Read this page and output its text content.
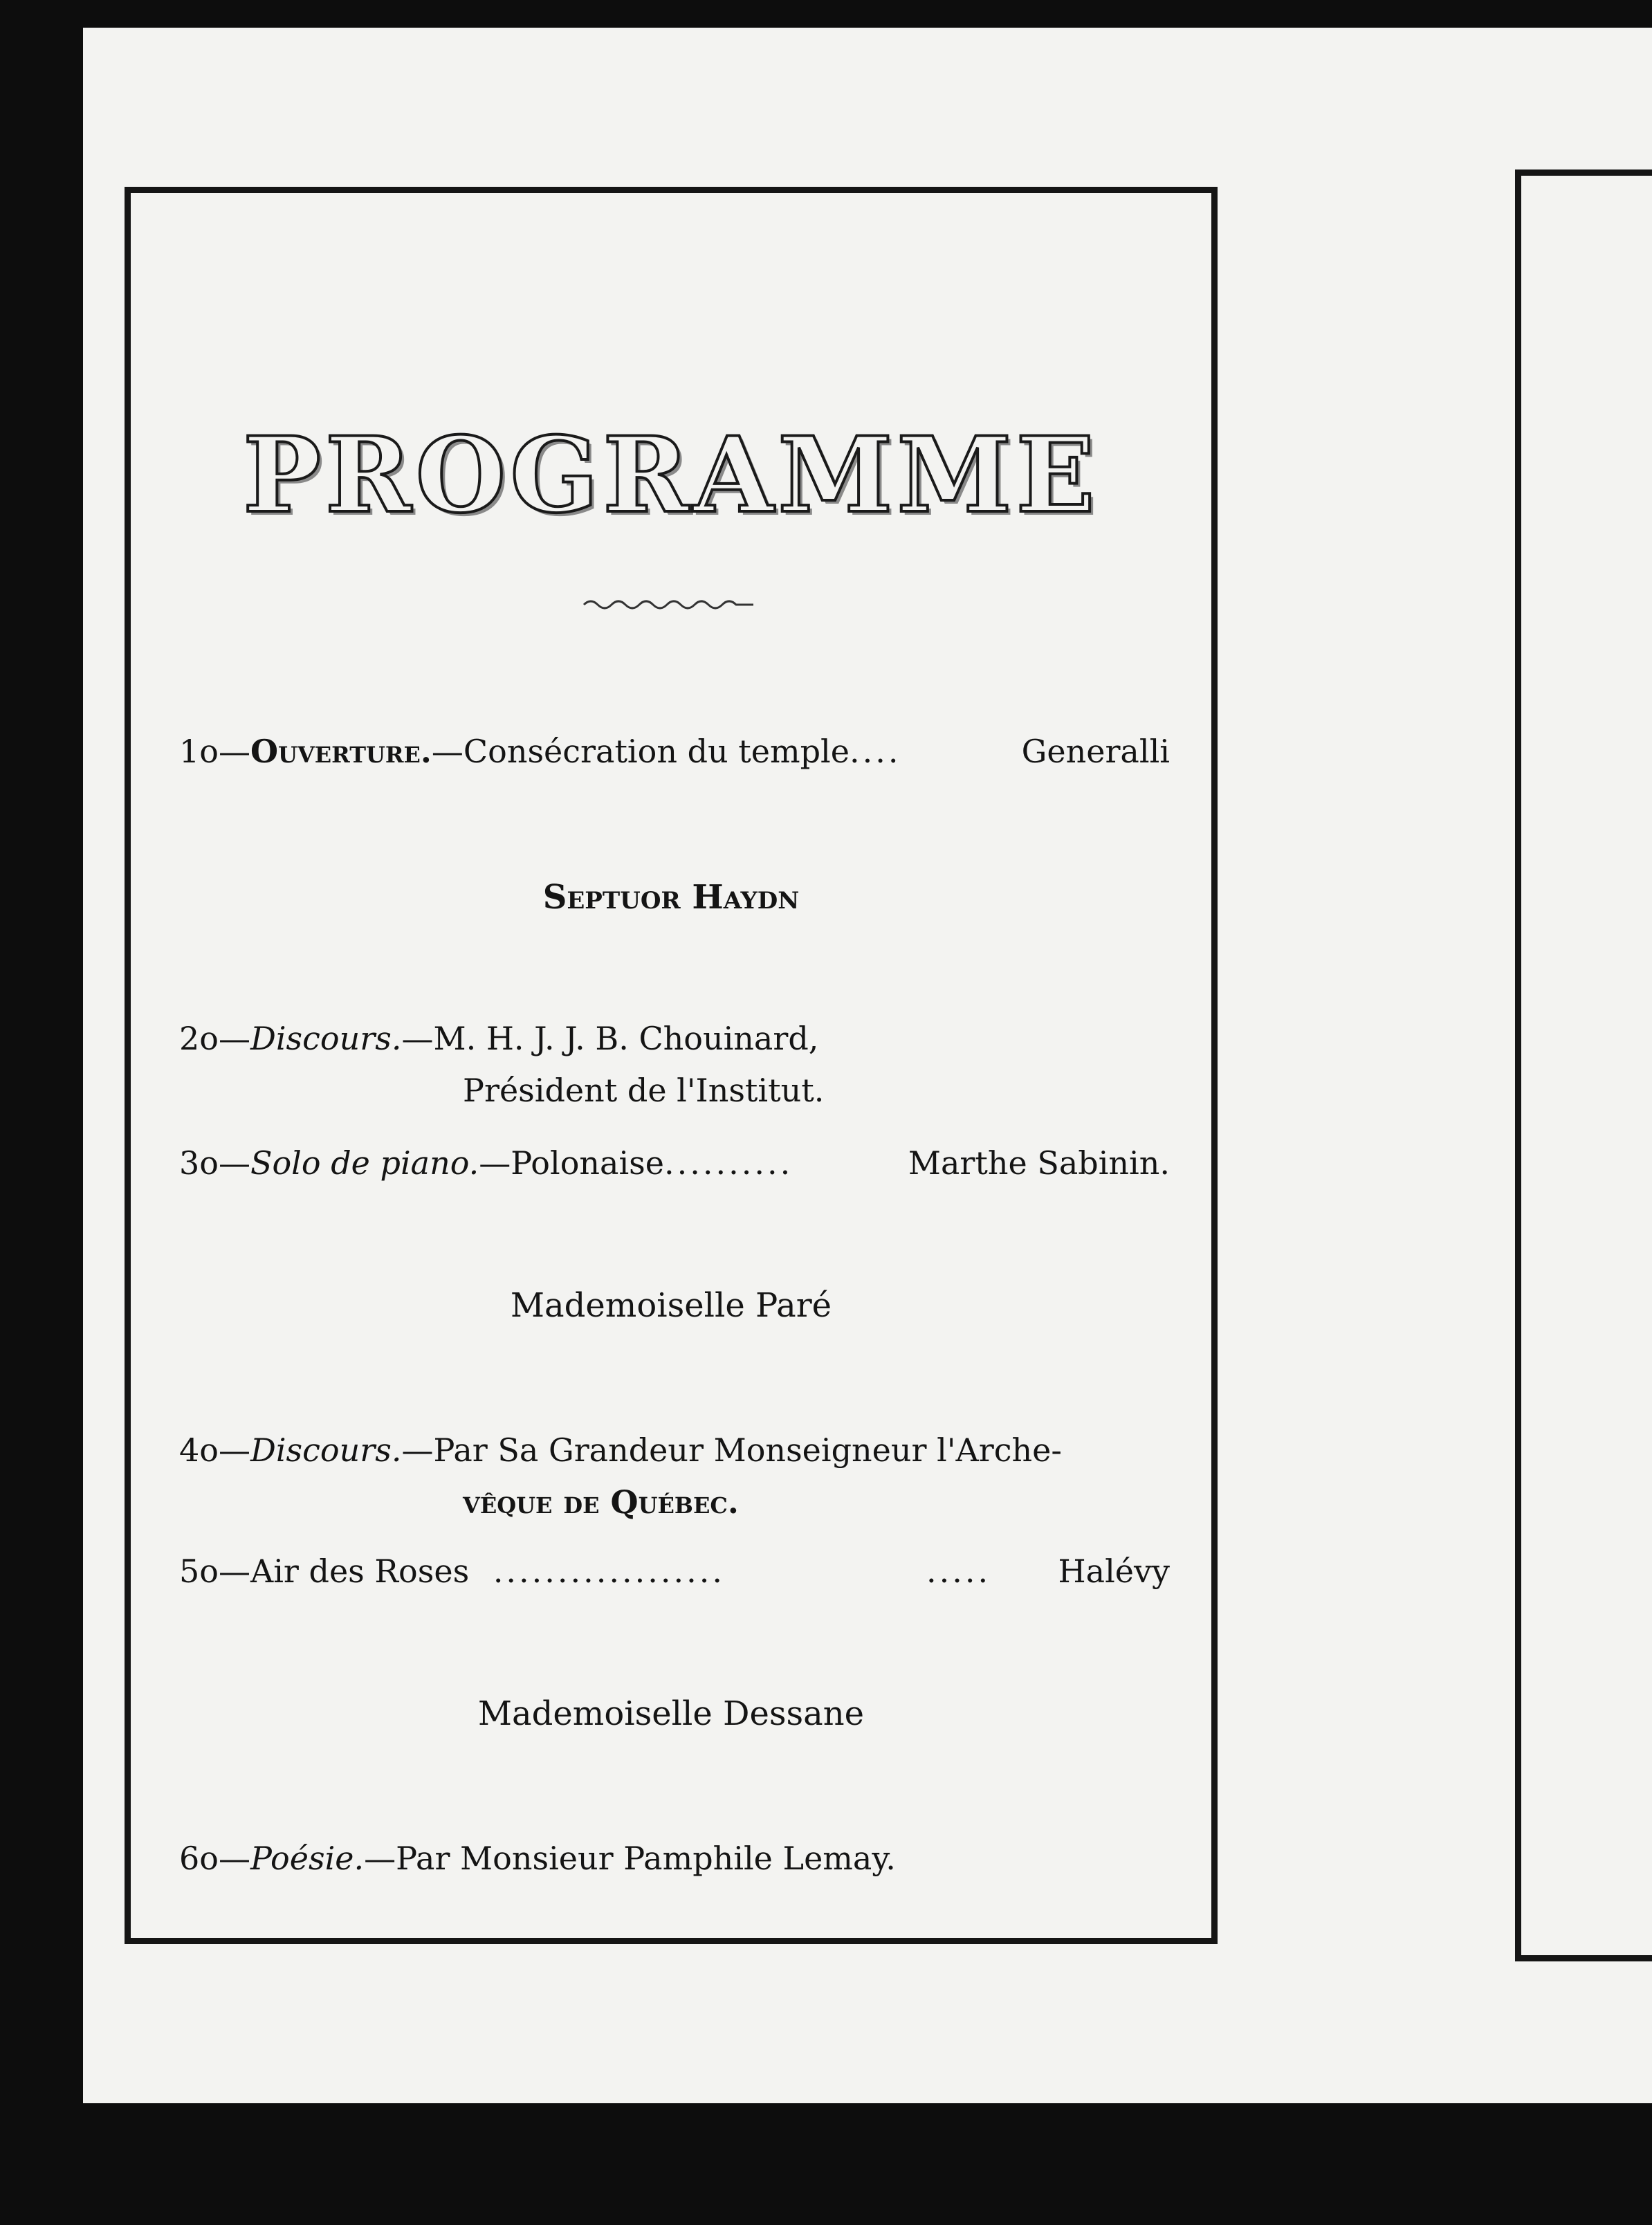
PROGRAMME
1o—Ouverture.—Consécration du temple....	Generalli
Septuor Haydn
2o—Discours.—M. H. J. J. B. Chouinard,
Président de l'Institut.
3o—Solo de piano.—Polonaise..........	Marthe Sabinin.
Mademoiselle Paré
4o—Discours.—Par Sa Grandeur Monseigneur l'Arche-
vêque de Québec.
5o—Air des Roses ..................	..... Halévy
Mademoiselle Dessane
6o—Poésie.—Par Monsieur Pamphile Lemay.
